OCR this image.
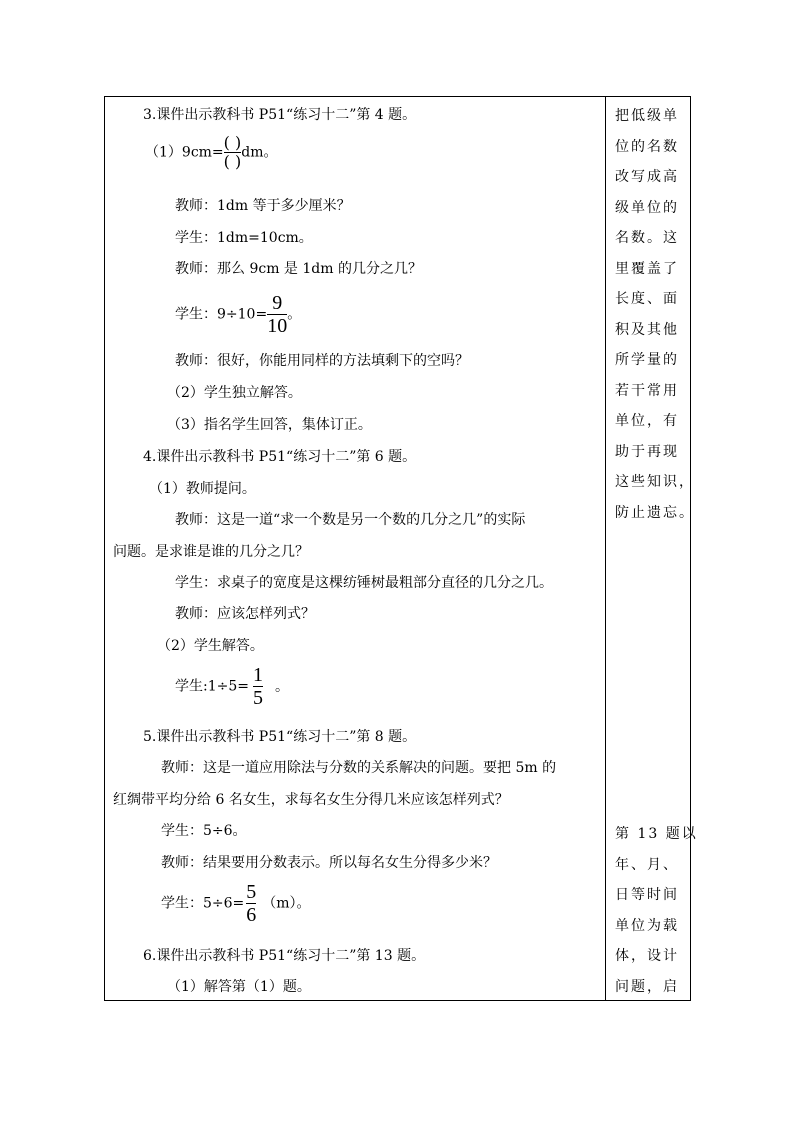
3.课件出示教科书 P51“练习十二”第 4 题。
$(1)9cm= \frac{( )}{( )}$ dm。
教师：1dm 等于多少厘米？
学生：1dm=10cm。
教师：那么 9cm 是 1dm 的几分之几？
学生：$9\div 10= \frac{9}{10}$ 。
教师：很好，你能用同样的方法填剩下的空吗？
（2）学生独立解答。
（3）指名学生回答，集体订正。
4.课件出示教科书 P51“练习十二”第 6 题。
（1）教师提问。
教师：这是一道“求一个数是另一个数的几分之几”的实际
问题。是求谁是谁的几分之几？
学生：求桌子的宽度是这棵纺锤树最粗部分直径的几分之几。
教师：应该怎样列式？
（2）学生解答。
学生:1÷5= $\frac{1}{5}$ 。
5.课件出示教科书 P51“练习十二”第 8 题。
教师：这是一道应用除法与分数的关系解决的问题。要把 5m 的
红绸带平均分给 6 名女生，求每名女生分得几米应该怎样列式？
学生：5÷6。
教师：结果要用分数表示。所以每名女生分得多少米？
学生：$5\div 6= \frac{5}{6} (m)$。
6.课件出示教科书 P51“练习十二”第 13 题。
（1）解答第（1）题。

把低级单
位的名数
改写成高
级单位的
名数。这
里覆盖了
长度、面
积及其他
所学量的
若干常用
单位，有
助于再现
这些知识，
防止遗忘。
第 13 题以
年、月、
日等时间
单位为载
体，设计
问题，启
